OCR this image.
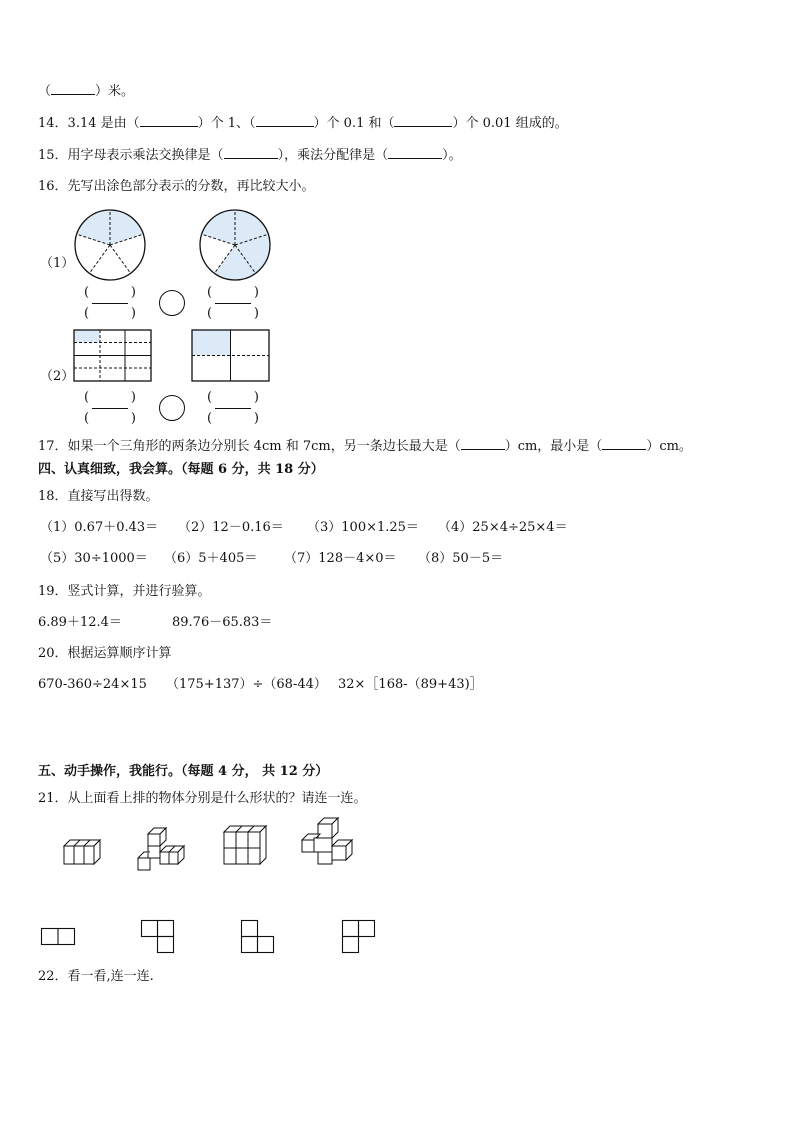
（	）米。
14．3.14 是由（	）个 1、（	）个 0.1 和（	）个 0.01 组成的。
15．用字母表示乘法交换律是（	），乘法分配律是（	）。
16．先写出涂色部分表示的分数，再比较大小。
（1）
（2）
(	)
(	)
(	)
(	)
(	)
(	)
(	)
(	)
17．如果一个三角形的两条边分别长 4cm 和 7cm，另一条边长最大是（	）cm，最小是（	）cm。
四、认真细致，我会算。（每题 6 分，共 18 分）
18．直接写出得数。
（1）0.67＋0.43＝ （2）12－0.16＝ （3）100×1.25＝ （4）25×4÷25×4＝
（5）30÷1000＝ （6）5＋405＝ （7）128－4×0＝ （8）50－5＝
19．竖式计算，并进行验算。
6.89＋12.4＝	89.76－65.83＝
20．根据运算顺序计算
670-360÷24×15 （175+137）÷（68-44） 32×［168-（89+43)］
五、动手操作，我能行。（每题 4 分， 共 12 分）
21．从上面看上排的物体分别是什么形状的？请连一连。
22．看一看,连一连.
